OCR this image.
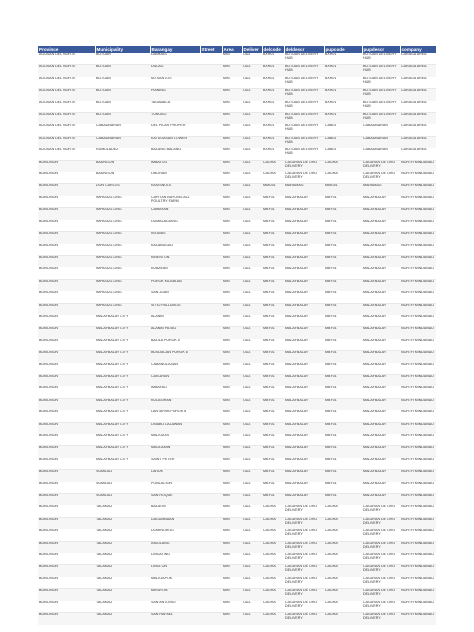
Province	Municipality	Barangay	Street	Area	Deliver	delcode	deldescr	pupcode	pupdescr	company
AGUSAN DEL NORTE	BUTUAN	DANKIAS		MIN	ODZ	BXH01	BUTUAN DELIVERY HUB	BXH01	BUTUAN DELIVERY HUB	CARAGA AREA
AGUSAN DEL NORTE	BUTUAN	DULAG		MIN	ODZ	BXH01	BUTUAN DELIVERY HUB	BXH01	BUTUAN DELIVERY HUB	CARAGA AREA
AGUSAN DEL NORTE	BUTUAN	MJ SANTOS		MIN	ODZ	BXH01	BUTUAN DELIVERY HUB	BXH01	BUTUAN DELIVERY HUB	CARAGA AREA
AGUSAN DEL NORTE	BUTUAN	PIANING		MIN	ODZ	BXH01	BUTUAN DELIVERY HUB	BXH01	BUTUAN DELIVERY HUB	CARAGA AREA
AGUSAN DEL NORTE	BUTUAN	TAGABACA		MIN	ODZ	BXH01	BUTUAN DELIVERY HUB	BXH01	BUTUAN DELIVERY HUB	CARAGA AREA
AGUSAN DEL NORTE	BUTUAN	TUNGAO		MIN	ODZ	BXH01	BUTUAN DELIVERY HUB	BXH01	BUTUAN DELIVERY HUB	CARAGA AREA
AGUSAN DEL NORTE	CABADBARAN	DEL PILAR PROPER		MIN	ODZ	BXH01	BUTUAN DELIVERY HUB	CAB01	CABADBARAN	CARAGA AREA
AGUSAN DEL NORTE	CABADBARAN	KATUGASAN LOWER		MIN	ODZ	BXH01	BUTUAN DELIVERY HUB	CAB01	CABADBARAN	CARAGA AREA
AGUSAN DEL NORTE	RUMULADEZ	BALANG BALANG		MIN	ODZ	BXH01	BUTUAN DELIVERY HUB	CAB01	CABADBARAN	CARAGA AREA
BUKIDNON	BAUNGON	IMBATOG		MIN	ODZ	CAGHA	CAGAYAN DE ORO DELIVERY	CAGHA	CAGAYAN DE ORO DELIVERY	NORTH MINDANAO
BUKIDNON	BAUNGON	LIBORAN		MIN	ODZ	CAGHA	CAGAYAN DE ORO DELIVERY	CAGHA	CAGAYAN DE ORO DELIVERY	NORTH MINDANAO
BUKIDNON	DON CARLOS	KASISNOOT		MIN	ODZ	MMG01	MARAMAG	MMG01	MARAMAG	NORTH MINDANAO
BUKIDNON	IMPASUG-ONG	CAPITAN BAYONG ALL POULTRY FARM		MIN	ODZ	MBY01	MALAYBALAY	MBY01	MALAYBALAY	NORTH MINDANAO
BUKIDNON	IMPASUG-ONG	CAWAYAN		MIN	ODZ	MBY01	MALAYBALAY	MBY01	MALAYBALAY	NORTH MINDANAO
BUKIDNON	IMPASUG-ONG	DUMALAGUING		MIN	ODZ	MBY01	MALAYBALAY	MBY01	MALAYBALAY	NORTH MINDANAO
BUKIDNON	IMPASUG-ONG	INTAVAS		MIN	ODZ	MBY01	MALAYBALAY	MBY01	MALAYBALAY	NORTH MINDANAO
BUKIDNON	IMPASUG-ONG	KALABUGAO		MIN	ODZ	MBY01	MALAYBALAY	MBY01	MALAYBALAY	NORTH MINDANAO
BUKIDNON	IMPASUG-ONG	KIBENTON		MIN	ODZ	MBY01	MALAYBALAY	MBY01	MALAYBALAY	NORTH MINDANAO
BUKIDNON	IMPASUG-ONG	KUBAYAN		MIN	ODZ	MBY01	MALAYBALAY	MBY01	MALAYBALAY	NORTH MINDANAO
BUKIDNON	IMPASUG-ONG	PUROK KILABLAB		MIN	ODZ	MBY01	MALAYBALAY	MBY01	MALAYBALAY	NORTH MINDANAO
BUKIDNON	IMPASUG-ONG	SAN JUAN		MIN	ODZ	MBY01	MALAYBALAY	MBY01	MALAYBALAY	NORTH MINDANAO
BUKIDNON	IMPASUG-ONG	SITIO PALLUBOG		MIN	ODZ	MBY01	MALAYBALAY	MBY01	MALAYBALAY	NORTH MINDANAO
BUKIDNON	MALAYBALAY CITY	ALANIB		MIN	ODZ	MBY01	MALAYBALAY	MBY01	MALAYBALAY	NORTH MINDANAO
BUKIDNON	MALAYBALAY CITY	ALANIB PATAG		MIN	ODZ	MBY01	MALAYBALAY	MBY01	MALAYBALAY	NORTH MINDANAO
BUKIDNON	MALAYBALAY CITY	BALILA PUROK 5		MIN	ODZ	MBY01	MALAYBALAY	MBY01	MALAYBALAY	NORTH MINDANAO
BUKIDNON	MALAYBALAY CITY	BUSDACAN PUROK 6		MIN	ODZ	MBY01	MALAYBALAY	MBY01	MALAYBALAY	NORTH MINDANAO
BUKIDNON	MALAYBALAY CITY	CABANGLASAN		MIN	ODZ	MBY01	MALAYBALAY	MBY01	MALAYBALAY	NORTH MINDANAO
BUKIDNON	MALAYBALAY CITY	CAN-AYAN		MIN	ODZ	MBY01	MALAYBALAY	MBY01	MALAYBALAY	NORTH MINDANAO
BUKIDNON	MALAYBALAY CITY	IMBAYAO		MIN	ODZ	MBY01	MALAYBALAY	MBY01	MALAYBALAY	NORTH MINDANAO
BUKIDNON	MALAYBALAY CITY	KULASIHAN		MIN	ODZ	MBY01	MALAYBALAY	MBY01	MALAYBALAY	NORTH MINDANAO
BUKIDNON	MALAYBALAY CITY	LANTAPAN PUROK 8		MIN	ODZ	MBY01	MALAYBALAY	MBY01	MALAYBALAY	NORTH MINDANAO
BUKIDNON	MALAYBALAY CITY	LINABO LALAWAN		MIN	ODZ	MBY01	MALAYBALAY	MBY01	MALAYBALAY	NORTH MINDANAO
BUKIDNON	MALAYBALAY CITY	MALIGAYA		MIN	ODZ	MBY01	MALAYBALAY	MBY01	MALAYBALAY	NORTH MINDANAO
BUKIDNON	MALAYBALAY CITY	MAGLAMIN		MIN	ODZ	MBY01	MALAYBALAY	MBY01	MALAYBALAY	NORTH MINDANAO
BUKIDNON	MALAYBALAY CITY	SAINT PETER		MIN	ODZ	MBY01	MALAYBALAY	MBY01	MALAYBALAY	NORTH MINDANAO
BUKIDNON	SUMILAO	LARUK		MIN	ODZ	MBY01	MALAYBALAY	MBY01	MALAYBALAY	NORTH MINDANAO
BUKIDNON	SUMILAO	POBLACION		MIN	ODZ	MBY01	MALAYBALAY	MBY01	MALAYBALAY	NORTH MINDANAO
BUKIDNON	SUMILAO	SAN ROQUE		MIN	ODZ	MBY01	MALAYBALAY	MBY01	MALAYBALAY	NORTH MINDANAO
BUKIDNON	TALAKAG	BALAON		MIN	ODZ	CAGHA	CAGAYAN DE ORO DELIVERY	CAGHA	CAGAYAN DE ORO DELIVERY	NORTH MINDANAO
BUKIDNON	TALAKAG	DAGUMBAAN		MIN	ODZ	CAGHA	CAGAYAN DE ORO DELIVERY	CAGHA	CAGAYAN DE ORO DELIVERY	NORTH MINDANAO
BUKIDNON	TALAKAG	DOMINOROG		MIN	ODZ	CAGHA	CAGAYAN DE ORO DELIVERY	CAGHA	CAGAYAN DE ORO DELIVERY	NORTH MINDANAO
BUKIDNON	TALAKAG	INDULANG		MIN	ODZ	CAGHA	CAGAYAN DE ORO DELIVERY	CAGHA	CAGAYAN DE ORO DELIVERY	NORTH MINDANAO
BUKIDNON	TALAKAG	LINGATING		MIN	ODZ	CAGHA	CAGAYAN DE ORO DELIVERY	CAGHA	CAGAYAN DE ORO DELIVERY	NORTH MINDANAO
BUKIDNON	TALAKAG	LINGI-ON		MIN	ODZ	CAGHA	CAGAYAN DE ORO DELIVERY	CAGHA	CAGAYAN DE ORO DELIVERY	NORTH MINDANAO
BUKIDNON	TALAKAG	MALIGAPOK		MIN	ODZ	CAGHA	CAGAYAN DE ORO DELIVERY	CAGHA	CAGAYAN DE ORO DELIVERY	NORTH MINDANAO
BUKIDNON	TALAKAG	MIRAYON		MIN	ODZ	CAGHA	CAGAYAN DE ORO DELIVERY	CAGHA	CAGAYAN DE ORO DELIVERY	NORTH MINDANAO
BUKIDNON	TALAKAG	SAN ANTONIO		MIN	ODZ	CAGHA	CAGAYAN DE ORO DELIVERY	CAGHA	CAGAYAN DE ORO DELIVERY	NORTH MINDANAO
BUKIDNON	TALAKAG	SAN RAFAEL		MIN	ODZ	CAGHA	CAGAYAN DE ORO DELIVERY	CAGHA	CAGAYAN DE ORO DELIVERY	NORTH MINDANAO
